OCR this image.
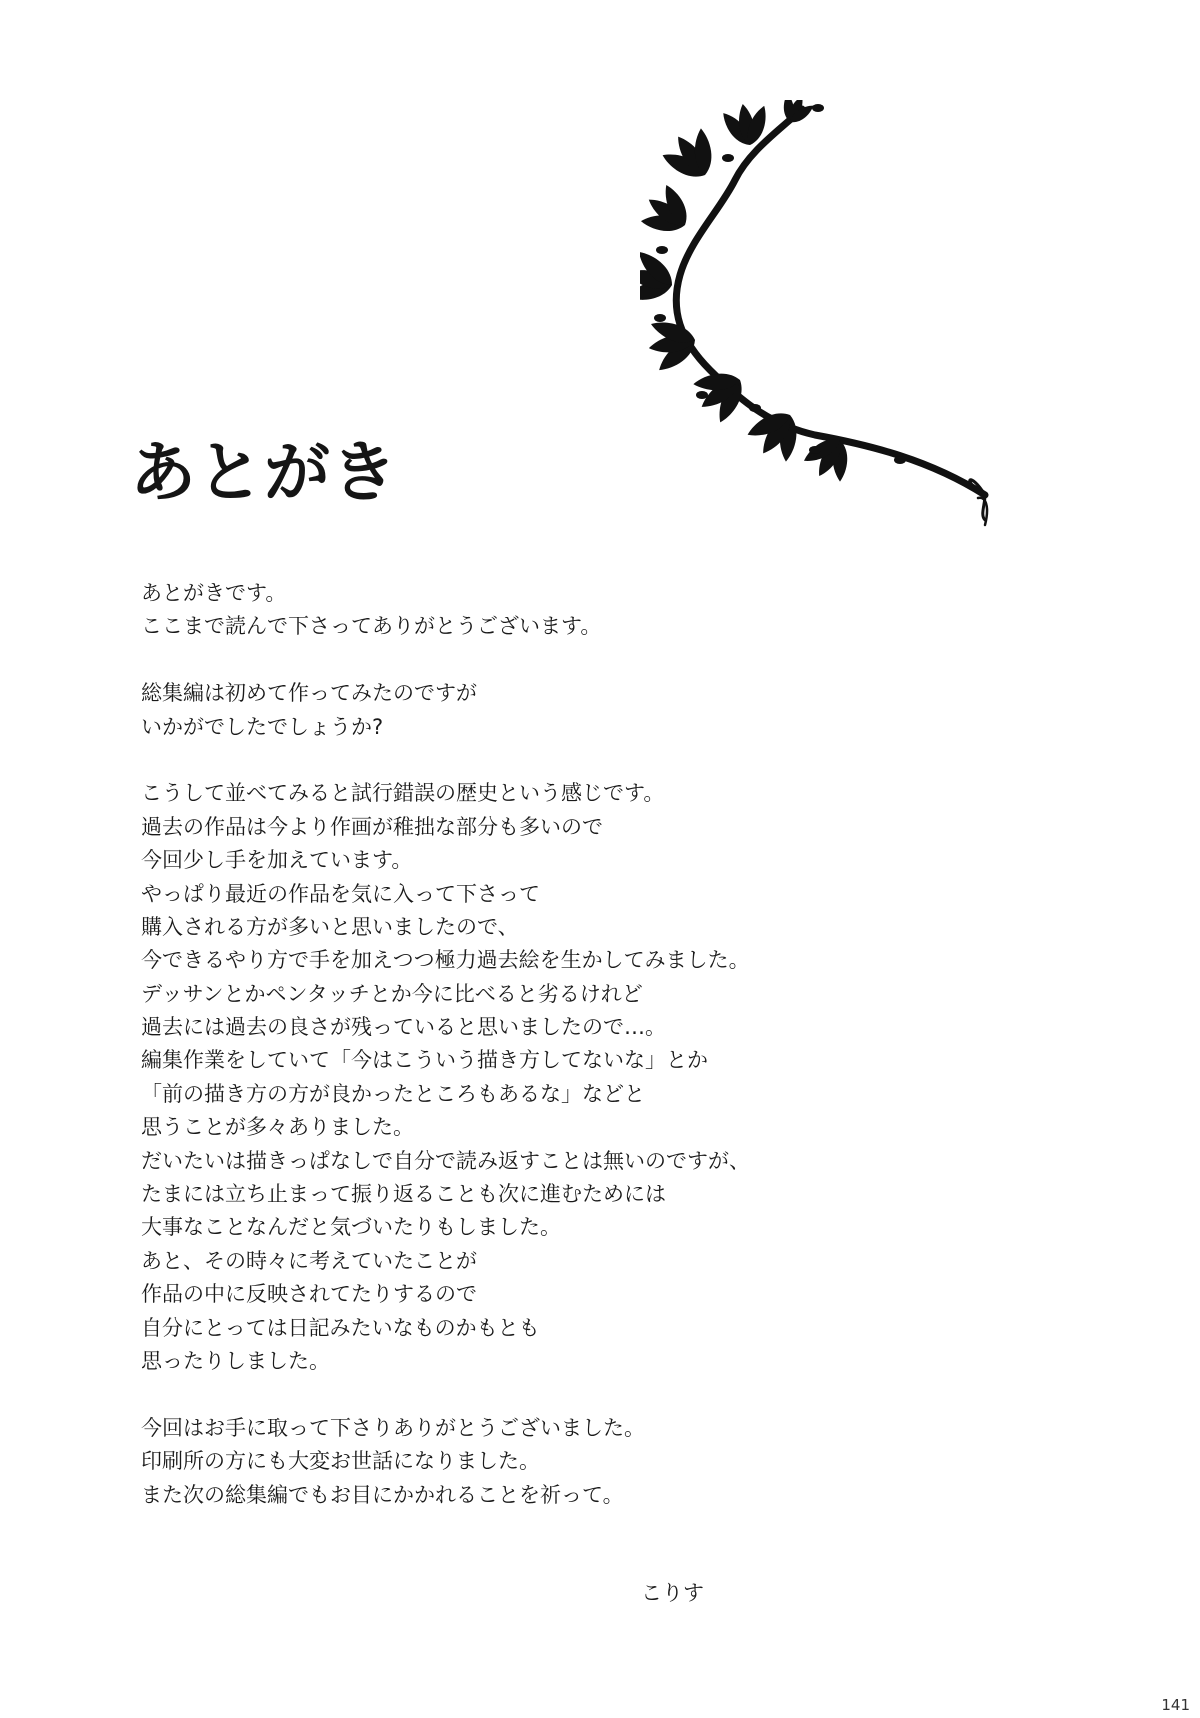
あとがき
あとがきです。
ここまで読んで下さってありがとうございます。
総集編は初めて作ってみたのですが
いかがでしたでしょうか?
こうして並べてみると試行錯誤の歴史という感じです。
過去の作品は今より作画が稚拙な部分も多いので
今回少し手を加えています。
やっぱり最近の作品を気に入って下さって
購入される方が多いと思いましたので、
今できるやり方で手を加えつつ極力過去絵を生かしてみました。
デッサンとかペンタッチとか今に比べると劣るけれど
過去には過去の良さが残っていると思いましたので…。
編集作業をしていて「今はこういう描き方してないな」とか
「前の描き方の方が良かったところもあるな」などと
思うことが多々ありました。
だいたいは描きっぱなしで自分で読み返すことは無いのですが、
たまには立ち止まって振り返ることも次に進むためには
大事なことなんだと気づいたりもしました。
あと、その時々に考えていたことが
作品の中に反映されてたりするので
自分にとっては日記みたいなものかもとも
思ったりしました。
今回はお手に取って下さりありがとうございました。
印刷所の方にも大変お世話になりました。
また次の総集編でもお目にかかれることを祈って。
こりす
141
